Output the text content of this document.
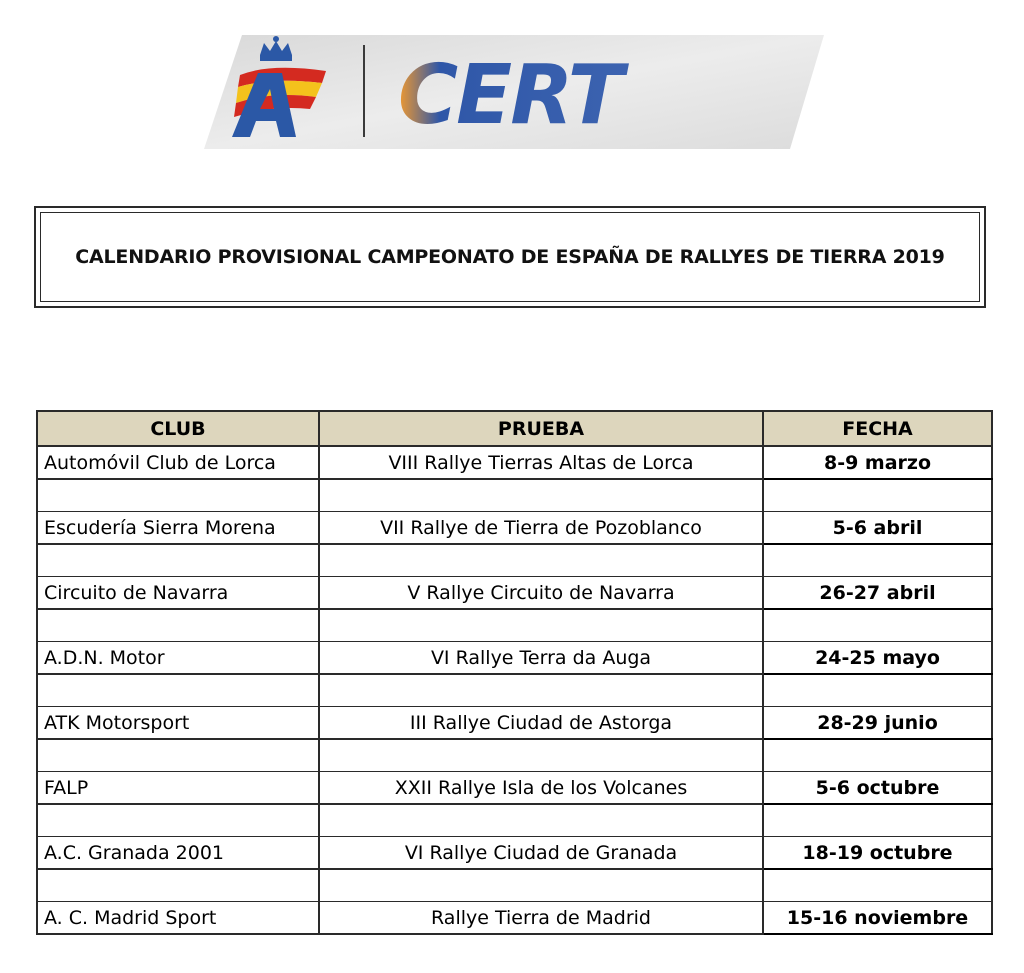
CERT
CALENDARIO PROVISIONAL CAMPEONATO DE ESPAÑA DE RALLYES DE TIERRA 2019
CLUB	PRUEBA	FECHA
Automóvil Club de Lorca	VIII Rallye Tierras Altas de Lorca	8-9 marzo

Escudería Sierra Morena	VII Rallye de Tierra de Pozoblanco	5-6 abril

Circuito de Navarra	V Rallye Circuito de Navarra	26-27 abril

A.D.N. Motor	VI Rallye Terra da Auga	24-25 mayo

ATK Motorsport	III Rallye Ciudad de Astorga	28-29 junio

FALP	XXII Rallye Isla de los Volcanes	5-6 octubre

A.C. Granada 2001	VI Rallye Ciudad de Granada	18-19 octubre

A. C. Madrid Sport	Rallye Tierra de Madrid	15-16 noviembre
